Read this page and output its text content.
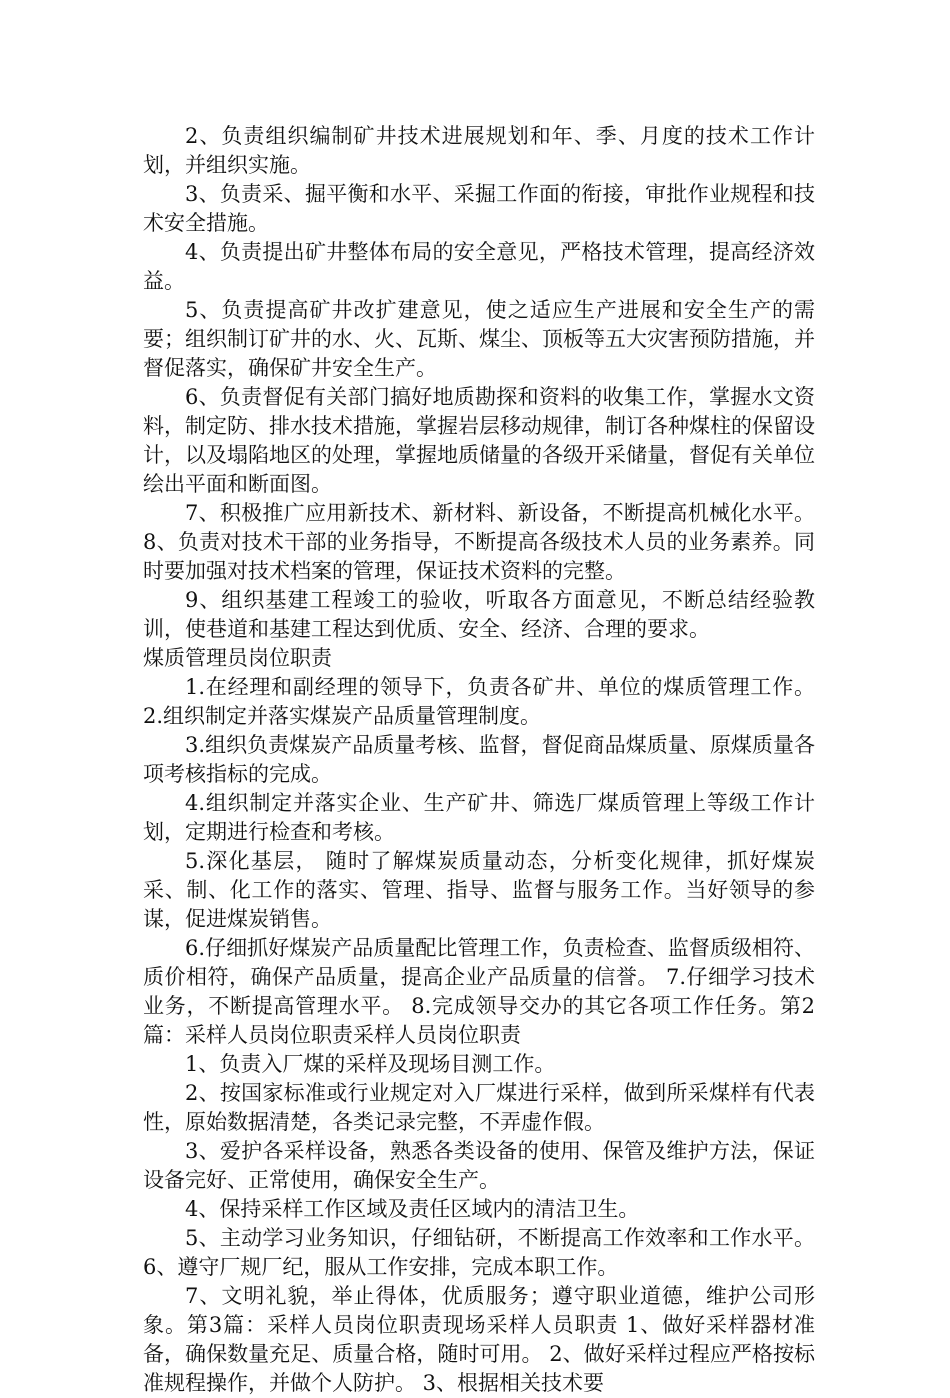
2、负责组织编制矿井技术进展规划和年、季、月度的技术工作计划，并组织实施。

3、负责采、掘平衡和水平、采掘工作面的衔接，审批作业规程和技术安全措施。

4、负责提出矿井整体布局的安全意见，严格技术管理，提高经济效益。

5、负责提高矿井改扩建意见，使之适应生产进展和安全生产的需要；组织制订矿井的水、火、瓦斯、煤尘、顶板等五大灾害预防措施，并督促落实，确保矿井安全生产。

6、负责督促有关部门搞好地质勘探和资料的收集工作，掌握水文资料，制定防、排水技术措施，掌握岩层移动规律，制订各种煤柱的保留设计，以及塌陷地区的处理，掌握地质储量的各级开采储量，督促有关单位绘出平面和断面图。

7、积极推广应用新技术、新材料、新设备，不断提高机械化水平。 8、负责对技术干部的业务指导，不断提高各级技术人员的业务素养。同时要加强对技术档案的管理，保证技术资料的完整。

9、组织基建工程竣工的验收，听取各方面意见，不断总结经验教训，使巷道和基建工程达到优质、安全、经济、合理的要求。

煤质管理员岗位职责

1.在经理和副经理的领导下，负责各矿井、单位的煤质管理工作。 2.组织制定并落实煤炭产品质量管理制度。

3.组织负责煤炭产品质量考核、监督，督促商品煤质量、原煤质量各项考核指标的完成。

4.组织制定并落实企业、生产矿井、筛选厂煤质管理上等级工作计划，定期进行检查和考核。

5.深化基层， 随时了解煤炭质量动态，分析变化规律，抓好煤炭采、制、化工作的落实、管理、指导、监督与服务工作。当好领导的参谋，促进煤炭销售。

6.仔细抓好煤炭产品质量配比管理工作，负责检查、监督质级相符、质价相符，确保产品质量，提高企业产品质量的信誉。 7.仔细学习技术业务，不断提高管理水平。 8.完成领导交办的其它各项工作任务。第2篇：采样人员岗位职责采样人员岗位职责

1、负责入厂煤的采样及现场目测工作。

2、按国家标准或行业规定对入厂煤进行采样，做到所采煤样有代表性，原始数据清楚，各类记录完整，不弄虚作假。

3、爱护各采样设备，熟悉各类设备的使用、保管及维护方法，保证设备完好、正常使用，确保安全生产。

4、保持采样工作区域及责任区域内的清洁卫生。

5、主动学习业务知识，仔细钻研，不断提高工作效率和工作水平。 6、遵守厂规厂纪，服从工作安排，完成本职工作。

7、文明礼貌，举止得体，优质服务；遵守职业道德，维护公司形象。第3篇：采样人员岗位职责现场采样人员职责 1、做好采样器材准备，确保数量充足、质量合格，随时可用。 2、做好采样过程应严格按标准规程操作，并做个人防护。 3、根据相关技术要
